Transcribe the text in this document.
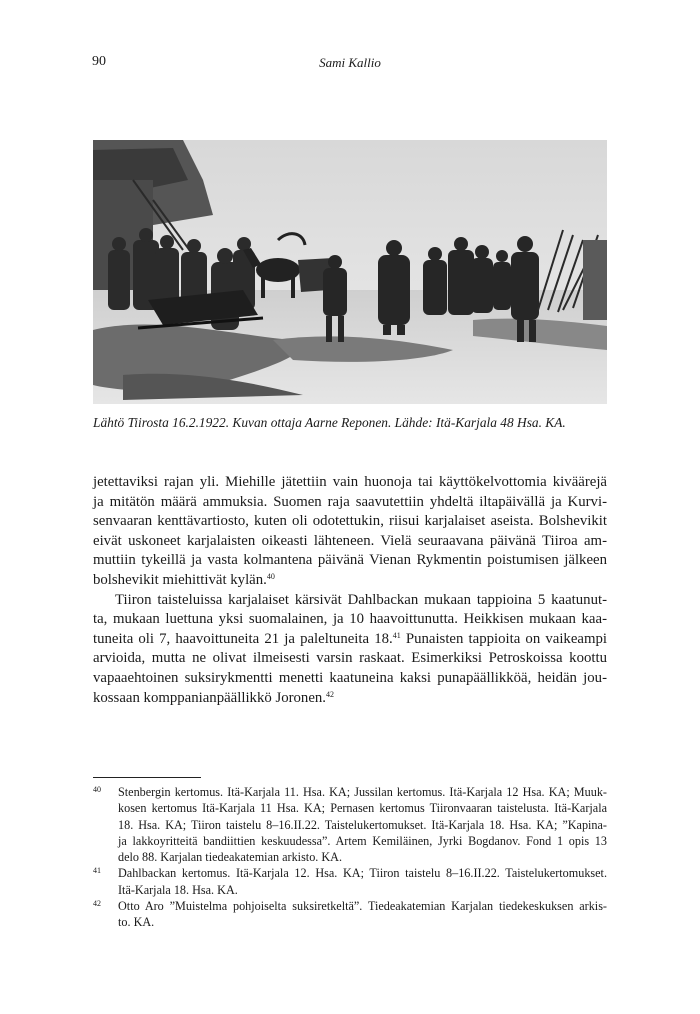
90	Sami Kallio
Lähtö Tiirosta 16.2.1922. Kuvan ottaja Aarne Reponen. Lähde: Itä-Karjala 48 Hsa. KA.
jetettaviksi rajan yli. Miehille jätettiin vain huonoja tai käyttökelvottomia kiväärejä
ja mitätön määrä ammuksia. Suomen raja saavutettiin yhdeltä iltapäivällä ja Kurvi-
senvaaran kenttävartiosto, kuten oli odotettukin, riisui karjalaiset aseista. Bolshevikit
eivät uskoneet karjalaisten oikeasti lähteneen. Vielä seuraavana päivänä Tiiroa am-
muttiin tykeillä ja vasta kolmantena päivänä Vienan Rykmentin poistumisen jälkeen
bolshevikit miehittivät kylän.$^{40}$
Tiiron taisteluissa karjalaiset kärsivät Dahlbackan mukaan tappioina 5 kaatunut-
ta, mukaan luettuna yksi suomalainen, ja 10 haavoittunutta. Heikkisen mukaan kaa-
tuneita oli 7, haavoittuneita 21 ja paleltuneita 18.41 Punaisten tappioita on vaikeampi
arvioida, mutta ne olivat ilmeisesti varsin raskaat. Esimerkiksi Petroskoissa koottu
vapaaehtoinen suksirykmentti menetti kaatuneina kaksi punapäällikköä, heidän jou-
kossaan komppanianpäällikkö Joronen.$^{42}$
40 Stenbergin kertomus. Itä-Karjala 11. Hsa. KA; Jussilan kertomus. Itä-Karjala 12 Hsa. KA; Muuk-
kosen kertomus Itä-Karjala 11 Hsa. KA; Pernasen kertomus Tiironvaaran taistelusta. Itä-Karjala
18. Hsa. KA; Tiiron taistelu 8–16.II.22. Taistelukertomukset. Itä-Karjala 18. Hsa. KA; ”Kapina-
ja lakkoyritteitä bandiittien keskuudessa”. Artem Kemiläinen, Jyrki Bogdanov. Fond 1 opis 13
delo 88. Karjalan tiedeakatemian arkisto. KA.
41 Dahlbackan kertomus. Itä-Karjala 12. Hsa. KA; Tiiron taistelu 8–16.II.22. Taistelukertomukset.
Itä-Karjala 18. Hsa. KA.
42 Otto Aro ”Muistelma pohjoiselta suksiretkeltä”. Tiedeakatemian Karjalan tiedekeskuksen arkis-
to. KA.
